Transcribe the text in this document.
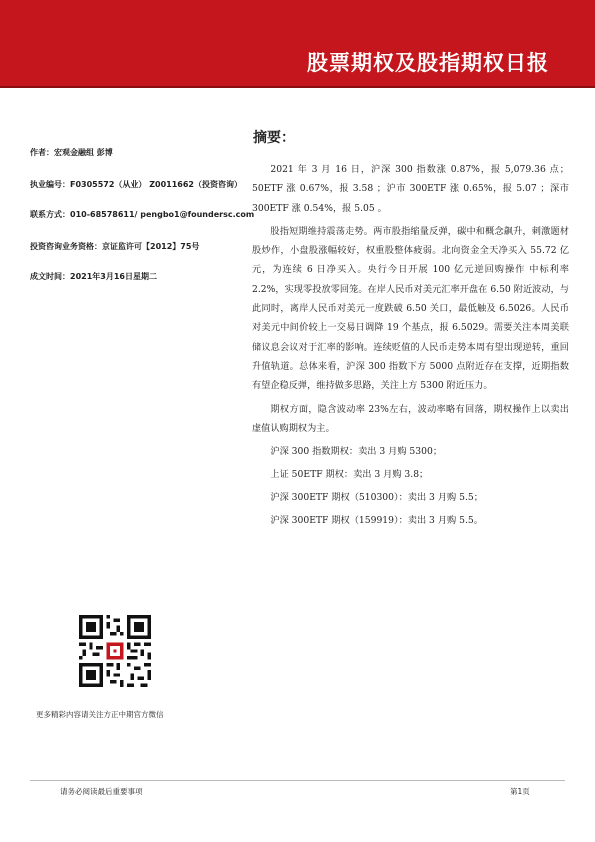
股票期权及股指期权日报
作者：宏观金融组 彭博
执业编号：F0305572（从业） Z0011662（投资咨询）
联系方式：010-68578611/ pengbo1@foundersc.com
投资咨询业务资格：京证监许可【2012】75号
成文时间：2021年3月16日星期二
摘要：

2021 年 3 月 16 日，沪深 300 指数涨 0.87%，报 5,079.36 点；50ETF 涨 0.67%，报 3.58 ；沪市 300ETF 涨 0.65%，报 5.07 ；深市 300ETF 涨 0.54%，报 5.05 。

股指短期维持震荡走势。两市股指缩量反弹，碳中和概念飙升，刺激题材股炒作，小盘股涨幅较好，权重股整体疲弱。北向资金全天净买入 55.72 亿元，为连续 6 日净买入。央行今日开展 100 亿元逆回购操作 中标利率 2.2%，实现零投放零回笼。在岸人民币对美元汇率开盘在 6.50 附近波动，与此同时，离岸人民币对美元一度跌破 6.50 关口，最低触及 6.5026。人民币对美元中间价较上一交易日调降 19 个基点，报 6.5029。需要关注本周美联储议息会议对于汇率的影响。连续贬值的人民币走势本周有望出现逆转，重回升值轨道。总体来看，沪深 300 指数下方 5000 点附近存在支撑，近期指数有望企稳反弹，维持做多思路，关注上方 5300 附近压力。

期权方面，隐含波动率 23%左右，波动率略有回落，期权操作上以卖出虚值认购期权为主。

沪深 300 指数期权：卖出 3 月购 5300；
上证 50ETF 期权：卖出 3 月购 3.8；
沪深 300ETF 期权（510300）：卖出 3 月购 5.5；
沪深 300ETF 期权（159919）：卖出 3 月购 5.5。
更多精彩内容请关注方正中期官方微信
请务必阅读最后重要事项	第1页
